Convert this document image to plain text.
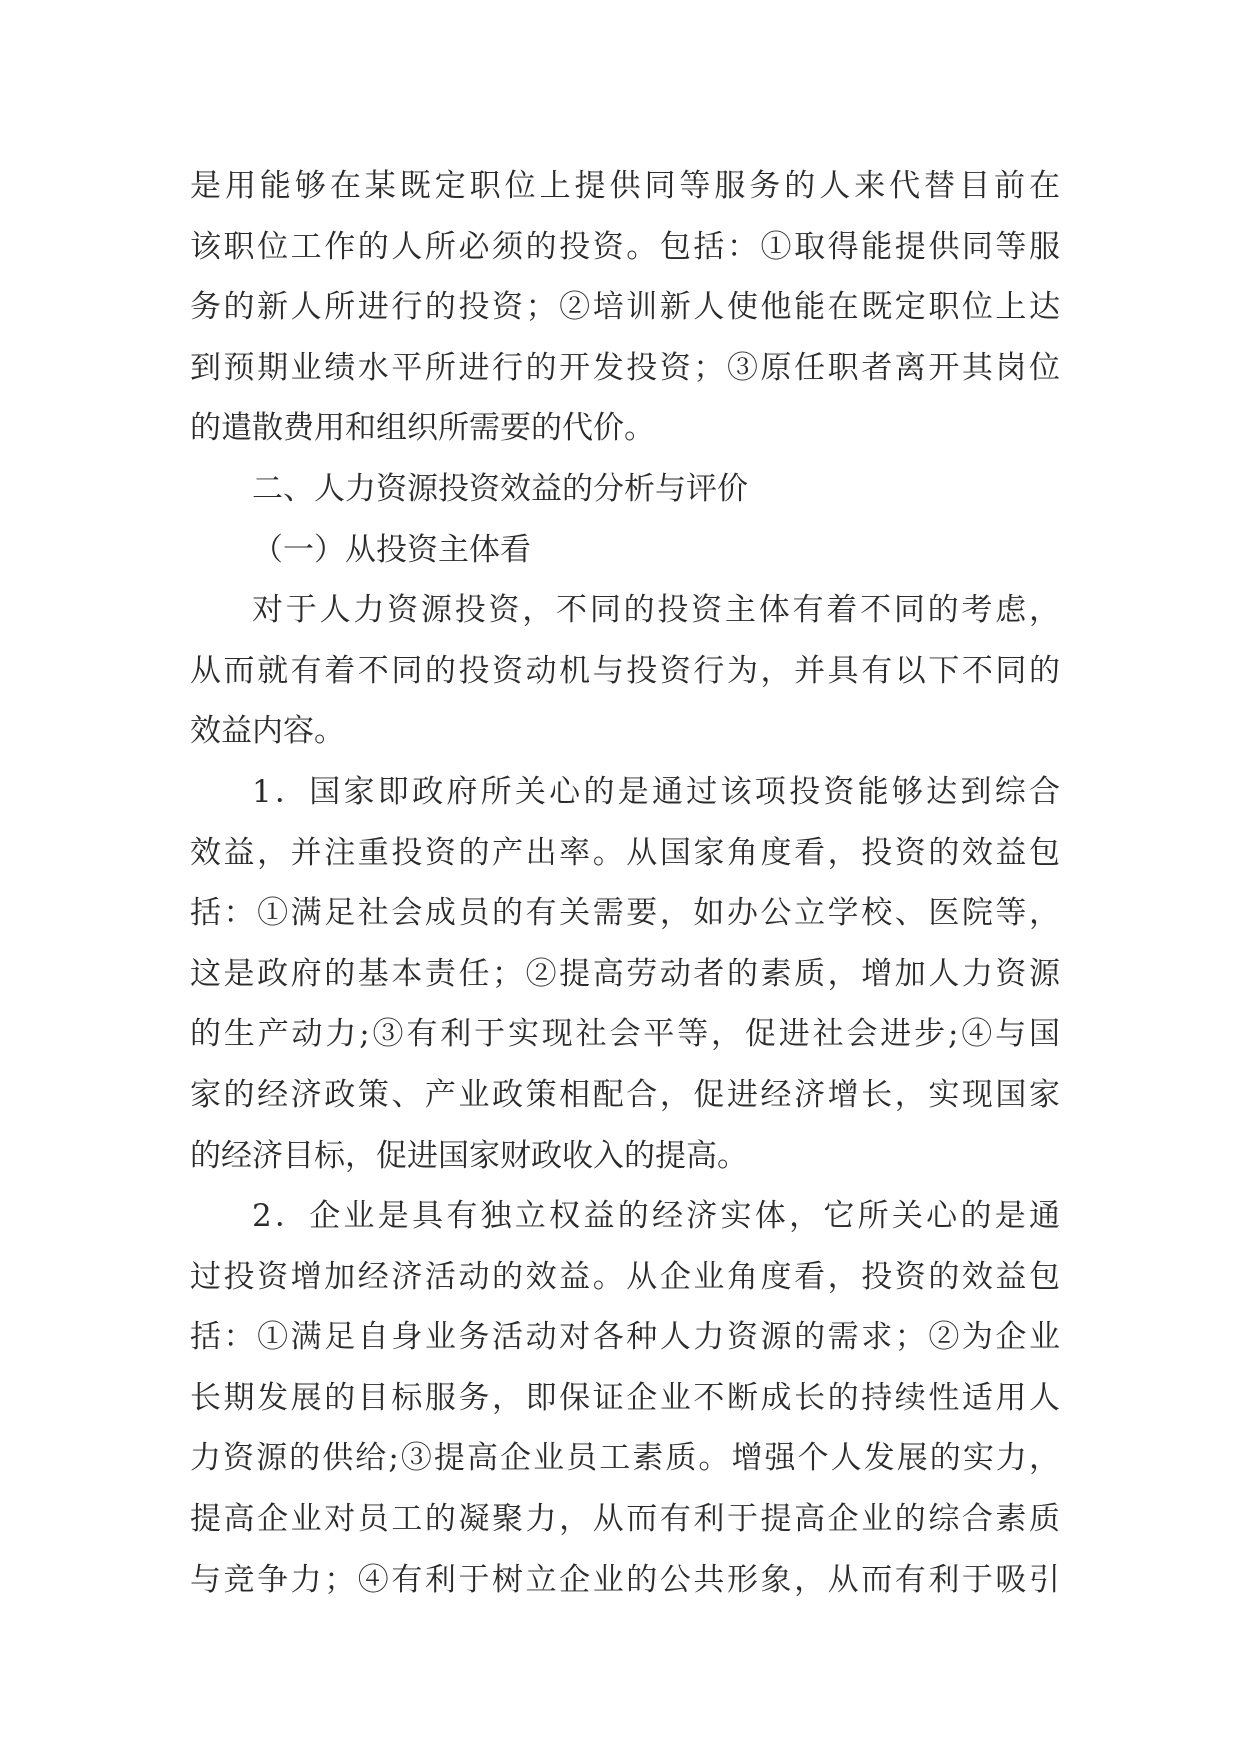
是用能够在某既定职位上提供同等服务的人来代替目前在
该职位工作的人所必须的投资。包括：①取得能提供同等服
务的新人所进行的投资；②培训新人使他能在既定职位上达
到预期业绩水平所进行的开发投资；③原任职者离开其岗位
的遣散费用和组织所需要的代价。
二、人力资源投资效益的分析与评价
（一）从投资主体看
对于人力资源投资，不同的投资主体有着不同的考虑，
从而就有着不同的投资动机与投资行为，并具有以下不同的
效益内容。
1．国家即政府所关心的是通过该项投资能够达到综合
效益，并注重投资的产出率。从国家角度看，投资的效益包
括：①满足社会成员的有关需要，如办公立学校、医院等，
这是政府的基本责任；②提高劳动者的素质，增加人力资源
的生产动力;③有利于实现社会平等，促进社会进步;④与国
家的经济政策、产业政策相配合，促进经济增长，实现国家
的经济目标，促进国家财政收入的提高。
2．企业是具有独立权益的经济实体，它所关心的是通
过投资增加经济活动的效益。从企业角度看，投资的效益包
括：①满足自身业务活动对各种人力资源的需求；②为企业
长期发展的目标服务，即保证企业不断成长的持续性适用人
力资源的供给;③提高企业员工素质。增强个人发展的实力，
提高企业对员工的凝聚力，从而有利于提高企业的综合素质
与竞争力；④有利于树立企业的公共形象，从而有利于吸引
